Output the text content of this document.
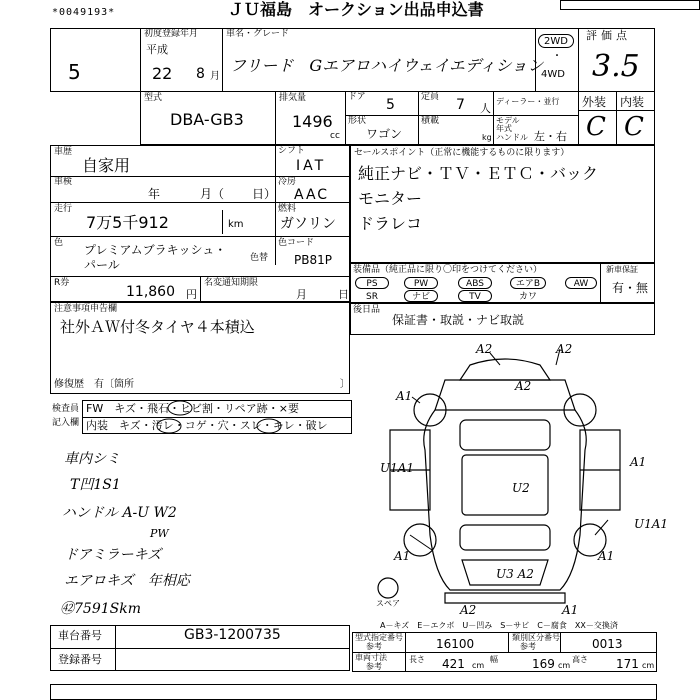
*0049193*	ＪＵ福島　オークション出品申込書
5
初度登録年月
平成
22 8 月
車名・グレード
フリード　Gエアロハイウェイエディション
2WD
・
4WD
評価点
3.5
型式
DBA-GB3
排気量
1496
cc
ドア 5	定員 7 人
ディーラー・並行
モデル年式
形状
ワゴン
積載
kg ハンドル 左・右
外装 内装
C C
車歴
自家用
車検
年	月（ 日）
走行
7万5千912	km
シフト
IAT
冷房
AAC
燃料
ガソリン
色 プレミアムブラキッシュ・
パール	色替
色コード
PB81P
R券
11,860 円
名変通知期限
月	日
注意事項申告欄
社外ＡＷ付冬タイヤ４本積込
修復歴　有〔箇所	〕
セールスポイント（正常に機能するものに限ります）
純正ナビ・ＴＶ・ＥＴＣ・バック
モニター
ドラレコ
装備品（純正品に限り〇印をつけてください）	新車保証
有・無
PS	PW	ABS	エアB	AW
SR	ナビ	TV	カワ
後日品
保証書・取説・ナビ取説
検査員
記入欄
FW　キズ・飛石・ヒビ割・リペア跡・×要
内装　キズ・汚レ・コゲ・穴・スレ・キレ・破レ
車内シミ
T凹1S1
ハンドル A-U W2
PW
ドアミラーキズ
エアロキズ　年相応
㊷7591Skm
A2	A2
A2
A1
U1A1	A1
U2
U1A1
A1	A1
U3 A2
A2	A1
スペア
A－キズ　E－エクボ　U－凹み　S－サビ　C－腐食　XX－交換済
車台番号	GB3-1200735
登録番号
型式指定番号
参考	16100	類別区分番号
参考	0013
車両寸法
参考
長さ 421 cm
幅	169 cm
高さ 171 cm
